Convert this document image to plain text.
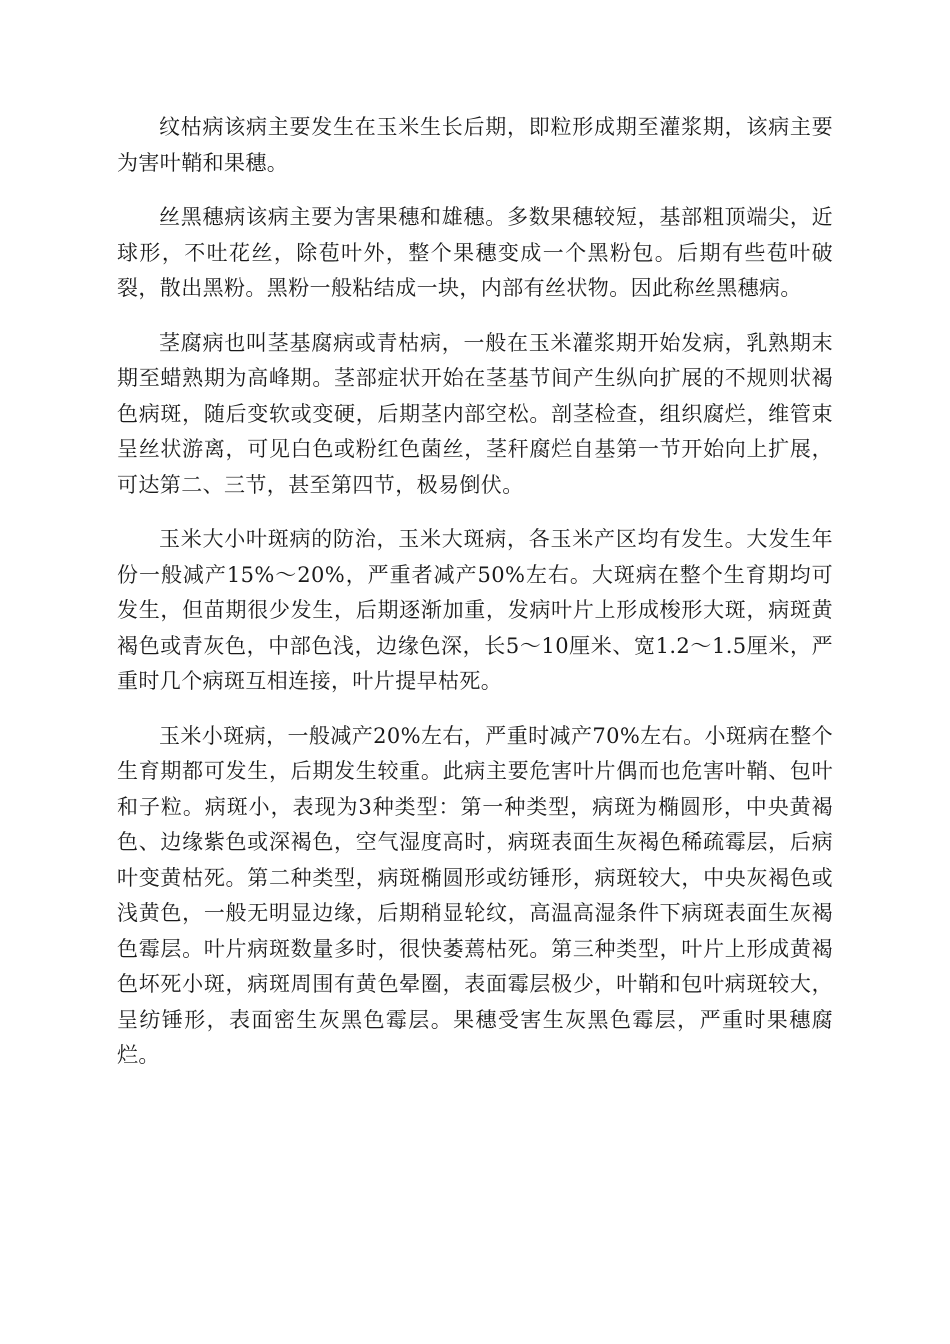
纹枯病该病主要发生在玉米生长后期，即粒形成期至灌浆期，该病主要为害叶鞘和果穗。

丝黑穗病该病主要为害果穗和雄穗。多数果穗较短，基部粗顶端尖，近球形，不吐花丝，除苞叶外，整个果穗变成一个黑粉包。后期有些苞叶破裂，散出黑粉。黑粉一般粘结成一块，内部有丝状物。因此称丝黑穗病。

茎腐病也叫茎基腐病或青枯病，一般在玉米灌浆期开始发病，乳熟期末期至蜡熟期为高峰期。茎部症状开始在茎基节间产生纵向扩展的不规则状褐色病斑，随后变软或变硬，后期茎内部空松。剖茎检查，组织腐烂，维管束呈丝状游离，可见白色或粉红色菌丝，茎秆腐烂自基第一节开始向上扩展，可达第二、三节，甚至第四节，极易倒伏。

玉米大小叶斑病的防治，玉米大斑病，各玉米产区均有发生。大发生年份一般减产15%～20%，严重者减产50%左右。大斑病在整个生育期均可发生，但苗期很少发生，后期逐渐加重，发病叶片上形成梭形大斑，病斑黄褐色或青灰色，中部色浅，边缘色深，长5～10厘米、宽1.2～1.5厘米，严重时几个病斑互相连接，叶片提早枯死。

玉米小斑病，一般减产20%左右，严重时减产70%左右。小斑病在整个生育期都可发生，后期发生较重。此病主要危害叶片偶而也危害叶鞘、包叶和子粒。病斑小，表现为3种类型：第一种类型，病斑为椭圆形，中央黄褐色、边缘紫色或深褐色，空气湿度高时，病斑表面生灰褐色稀疏霉层，后病叶变黄枯死。第二种类型，病斑椭圆形或纺锤形，病斑较大，中央灰褐色或浅黄色，一般无明显边缘，后期稍显轮纹，高温高湿条件下病斑表面生灰褐色霉层。叶片病斑数量多时，很快萎蔫枯死。第三种类型，叶片上形成黄褐色坏死小斑，病斑周围有黄色晕圈，表面霉层极少，叶鞘和包叶病斑较大，呈纺锤形，表面密生灰黑色霉层。果穗受害生灰黑色霉层，严重时果穗腐烂。
